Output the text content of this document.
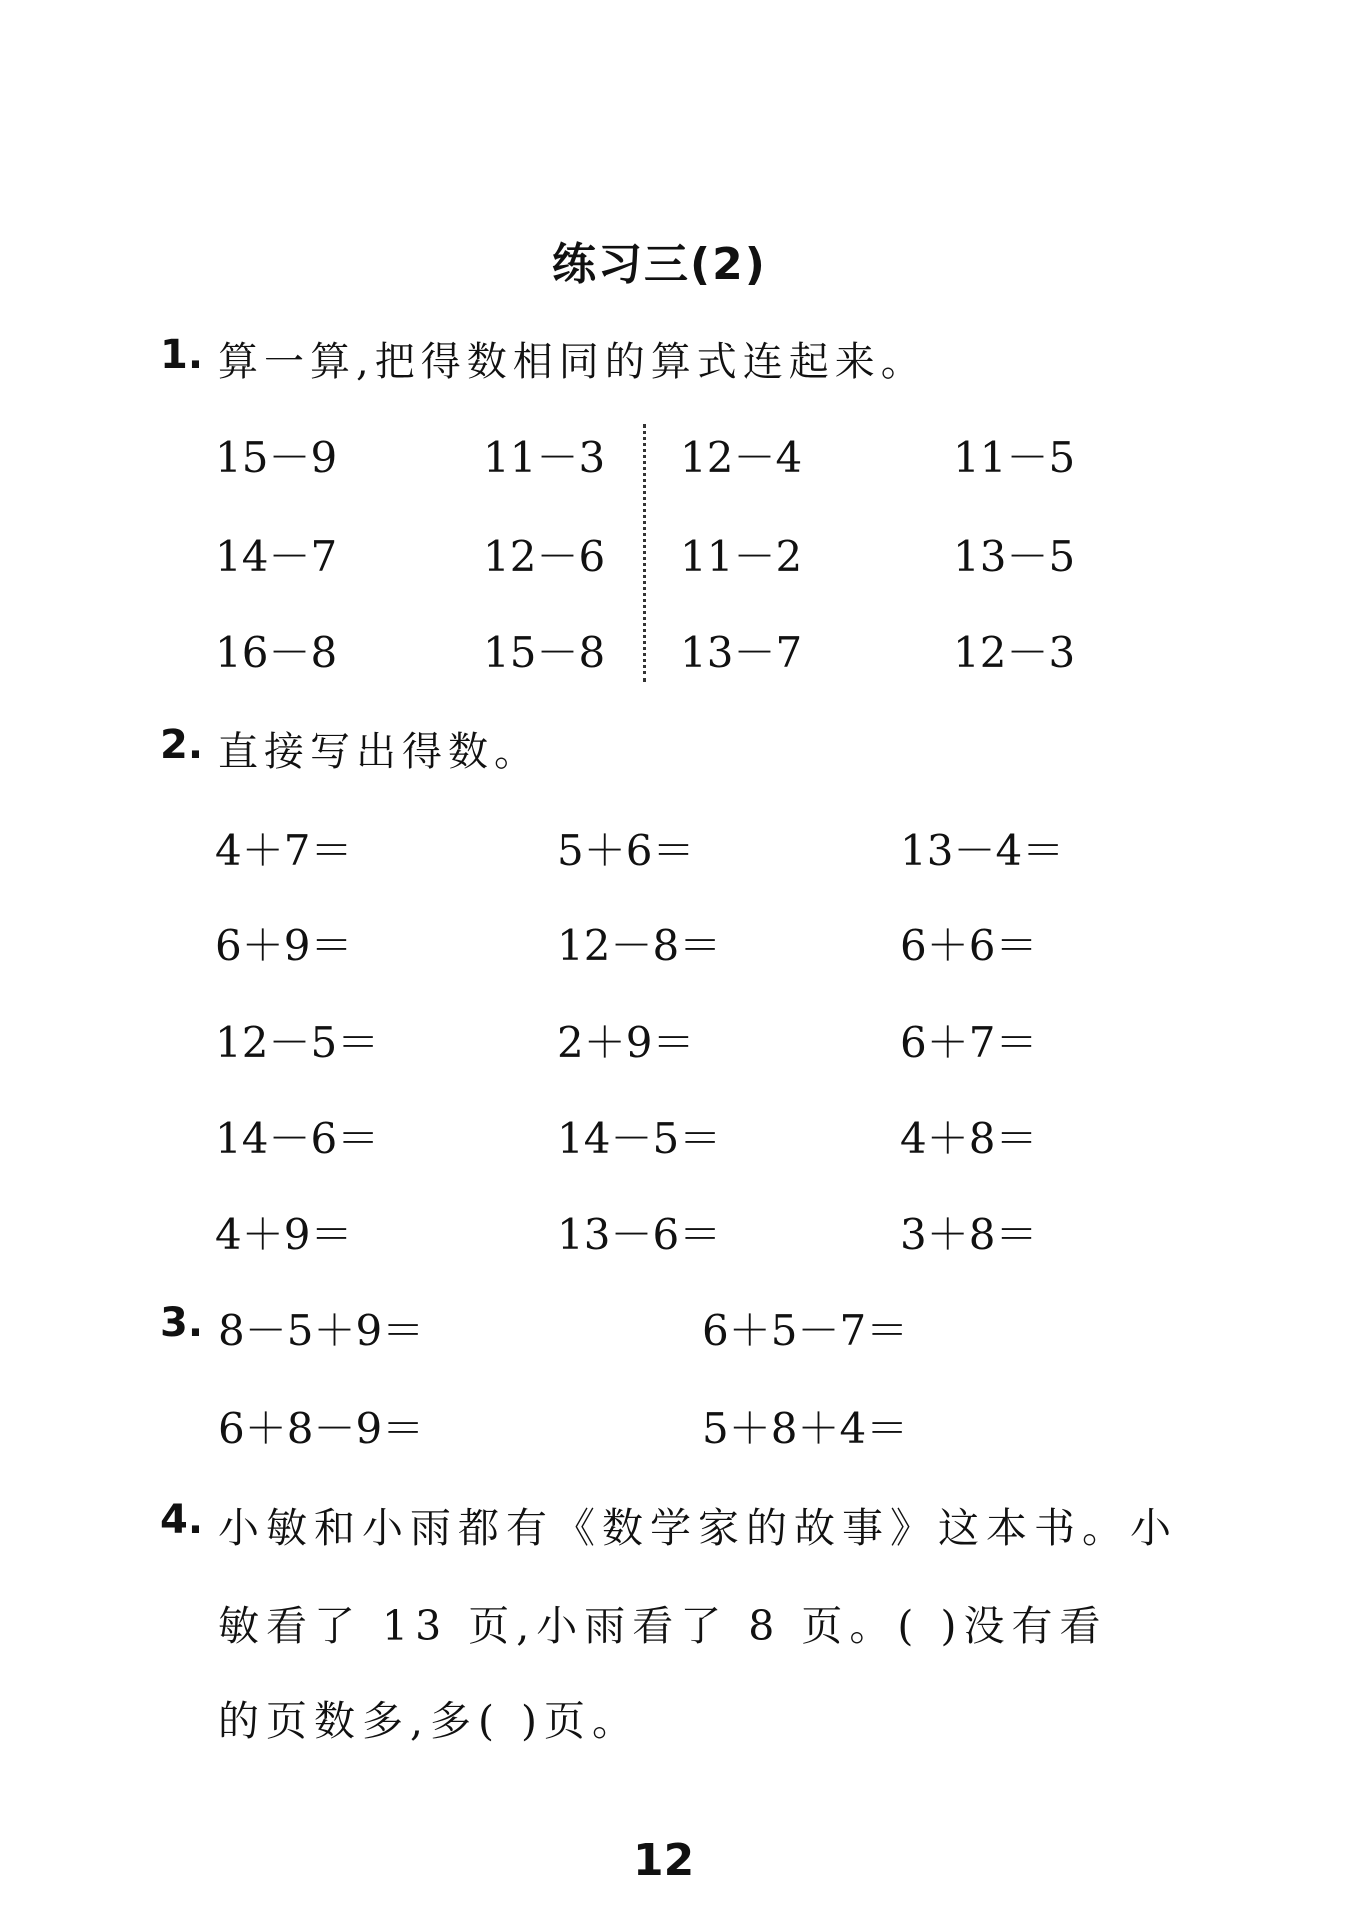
练习三(2)
1. 算一算,把得数相同的算式连起来。
15－9	11－3 12－4	11－5
14－7	12－6 11－2	13－5
16－8	15－8 13－7	12－3
2. 直接写出得数。
4＋7＝	5＋6＝	13－4＝
6＋9＝	12－8＝	6＋6＝
12－5＝	2＋9＝	6＋7＝
14－6＝	14－5＝	4＋8＝
4＋9＝	13－6＝	3＋8＝
3. 8－5＋9＝	6＋5－7＝
6＋8－9＝	5＋8＋4＝
4. 小敏和小雨都有《数学家的故事》这本书。小
敏看了 13 页,小雨看了 8 页。( )没有看
的页数多,多( )页。
12
